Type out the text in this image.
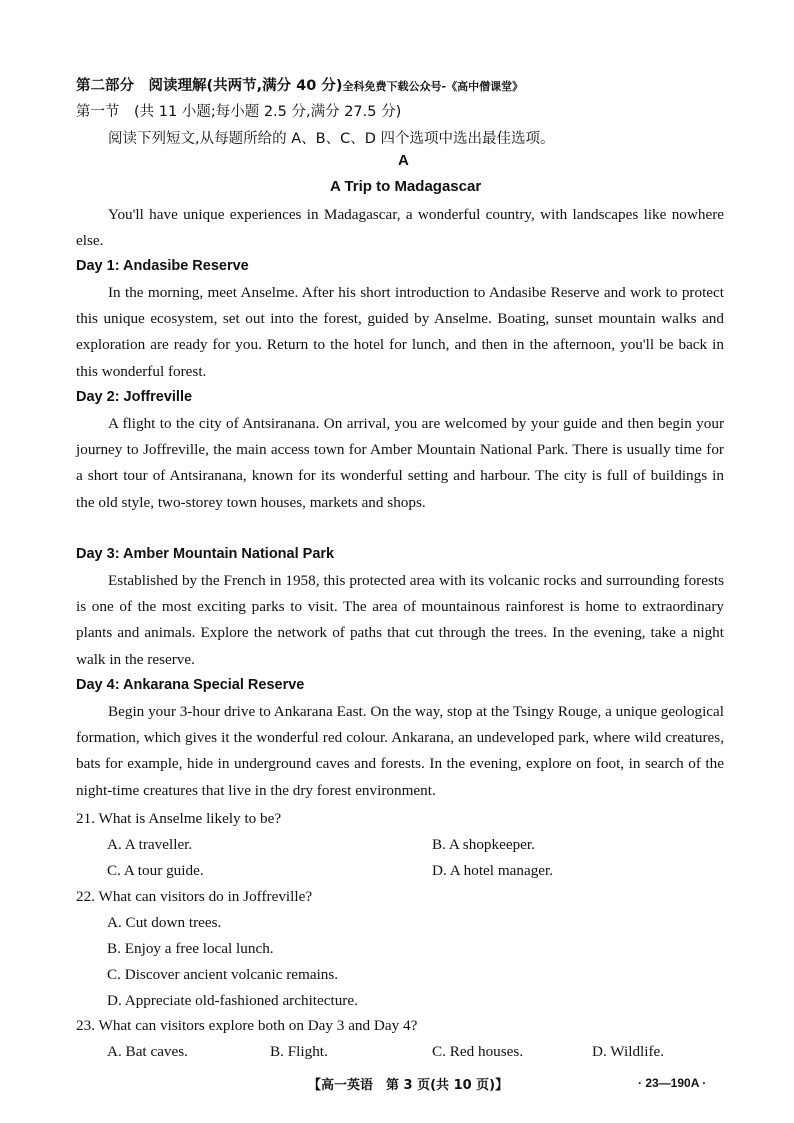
第二部分　阅读理解(共两节,满分 40 分)全科免费下载公众号-《高中僧课堂》
第一节　(共 11 小题;每小题 2.5 分,满分 27.5 分)
阅读下列短文,从每题所给的 A、B、C、D 四个选项中选出最佳选项。
A
A Trip to Madagascar
You'll have unique experiences in Madagascar, a wonderful country, with landscapes like nowhere else.
Day 1: Andasibe Reserve
In the morning, meet Anselme. After his short introduction to Andasibe Reserve and work to protect this unique ecosystem, set out into the forest, guided by Anselme. Boating, sunset mountain walks and exploration are ready for you. Return to the hotel for lunch, and then in the afternoon, you'll be back in this wonderful forest.
Day 2: Joffreville
A flight to the city of Antsiranana. On arrival, you are welcomed by your guide and then begin your journey to Joffreville, the main access town for Amber Mountain National Park. There is usually time for a short tour of Antsiranana, known for its wonderful setting and harbour. The city is full of buildings in the old style, two-storey town houses, markets and shops.
Day 3: Amber Mountain National Park
Established by the French in 1958, this protected area with its volcanic rocks and surrounding forests is one of the most exciting parks to visit. The area of mountainous rainforest is home to extraordinary plants and animals. Explore the network of paths that cut through the trees. In the evening, take a night walk in the reserve.
Day 4: Ankarana Special Reserve
Begin your 3-hour drive to Ankarana East. On the way, stop at the Tsingy Rouge, a unique geological formation, which gives it the wonderful red colour. Ankarana, an undeveloped park, where wild creatures, bats for example, hide in underground caves and forests. In the evening, explore on foot, in search of the night-time creatures that live in the dry forest environment.
21. What is Anselme likely to be?
A. A traveller.	B. A shopkeeper.
C. A tour guide.	D. A hotel manager.
22. What can visitors do in Joffreville?
A. Cut down trees.
B. Enjoy a free local lunch.
C. Discover ancient volcanic remains.
D. Appreciate old-fashioned architecture.
23. What can visitors explore both on Day 3 and Day 4?
A. Bat caves.	B. Flight.	C. Red houses.	D. Wildlife.
【高一英语　第 3 页(共 10 页)】	· 23—190A ·
